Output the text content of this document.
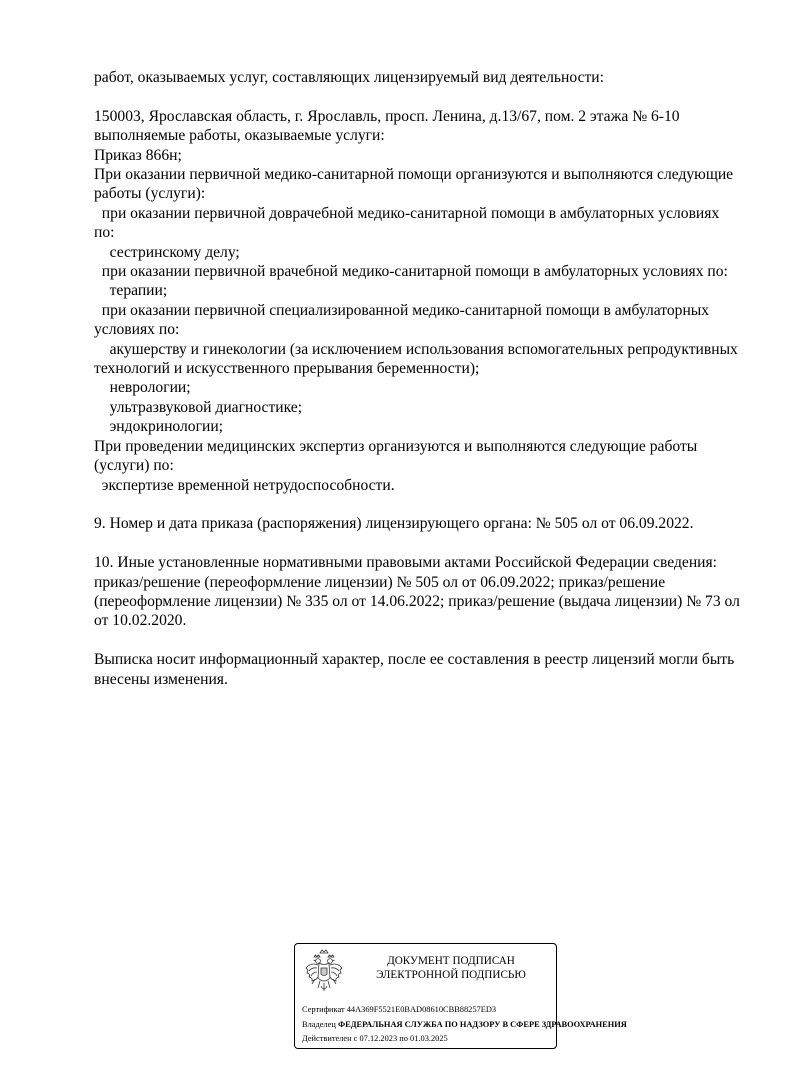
работ, оказываемых услуг, составляющих лицензируемый вид деятельности:
150003, Ярославская область, г. Ярославль, просп. Ленина, д.13/67, пом. 2 этажа № 6-10
выполняемые работы, оказываемые услуги:
Приказ 866н;
При оказании первичной медико-санитарной помощи организуются и выполняются следующие
работы (услуги):
при оказании первичной доврачебной медико-санитарной помощи в амбулаторных условиях
по:
сестринскому делу;
при оказании первичной врачебной медико-санитарной помощи в амбулаторных условиях по:
терапии;
при оказании первичной специализированной медико-санитарной помощи в амбулаторных
условиях по:
акушерству и гинекологии (за исключением использования вспомогательных репродуктивных
технологий и искусственного прерывания беременности);
неврологии;
ультразвуковой диагностике;
эндокринологии;
При проведении медицинских экспертиз организуются и выполняются следующие работы
(услуги) по:
экспертизе временной нетрудоспособности.
9. Номер и дата приказа (распоряжения) лицензирующего органа: № 505 ол от 06.09.2022.
10. Иные установленные нормативными правовыми актами Российской Федерации сведения:
приказ/решение (переоформление лицензии) № 505 ол от 06.09.2022; приказ/решение
(переоформление лицензии) № 335 ол от 14.06.2022; приказ/решение (выдача лицензии) № 73 ол
от 10.02.2020.
Выписка носит информационный характер, после ее составления в реестр лицензий могли быть
внесены изменения.
ДОКУМЕНТ ПОДПИСАН
ЭЛЕКТРОННОЙ ПОДПИСЬЮ
Сертификат 44A369F5521E0BAD08610CBB88257ED3
Владелец ФЕДЕРАЛЬНАЯ СЛУЖБА ПО НАДЗОРУ В СФЕРЕ ЗДРАВООХРАНЕНИЯ
Действителен с 07.12.2023 по 01.03.2025
